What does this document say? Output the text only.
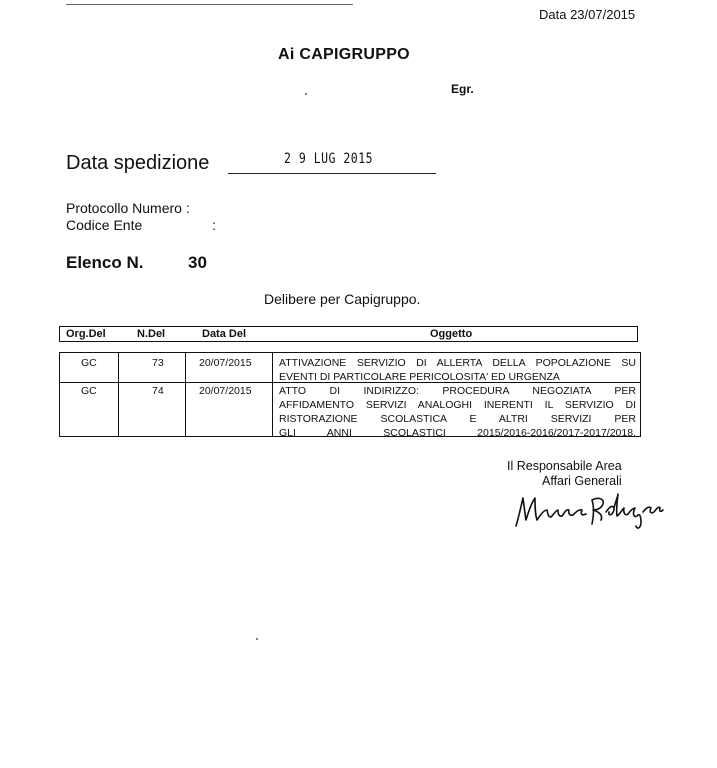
Data 23/07/2015
Ai CAPIGRUPPO
Egr.
Data spedizione	2 9 LUG 2015
Protocollo Numero :
Codice Ente	:
Elenco N.	30
Delibere per Capigruppo.
Org.Del	N.Del	Data Del	Oggetto
GC	73	20/07/2015	ATTIVAZIONE SERVIZIO DI ALLERTA DELLA POPOLAZIONE SU
EVENTI DI PARTICOLARE PERICOLOSITA' ED URGENZA
GC	74	20/07/2015	ATTO DI INDIRIZZO: PROCEDURA NEGOZIATA PER
AFFIDAMENTO SERVIZI ANALOGHI INERENTI IL SERVIZIO DI
RISTORAZIONE SCOLASTICA E ALTRI SERVIZI PER
GLI ANNI SCOLASTICI 2015/2016-2016/2017-2017/2018.
Il Responsabile Area
Affari Generali
